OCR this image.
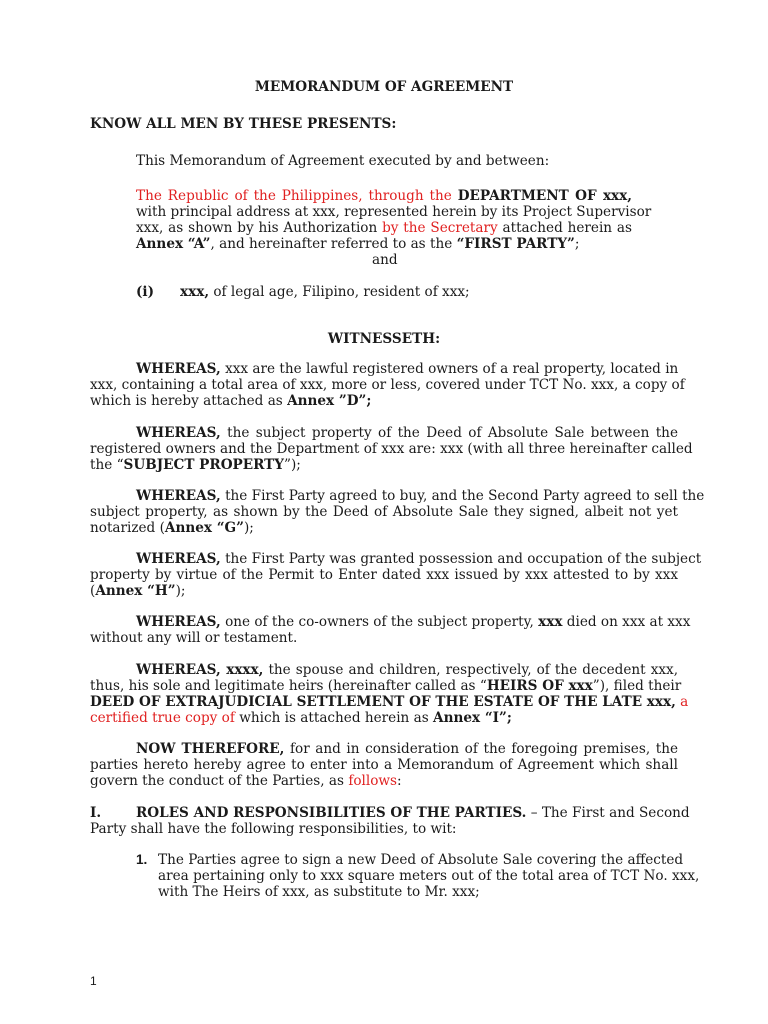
MEMORANDUM OF AGREEMENT
KNOW ALL MEN BY THESE PRESENTS:
This Memorandum of Agreement executed by and between:
The Republic of the Philippines, through the DEPARTMENT OF xxx,
with principal address at xxx, represented herein by its Project Supervisor
xxx, as shown by his Authorization by the Secretary attached herein as
Annex “A”, and hereinafter referred to as the “FIRST PARTY”;
and
(i) xxx, of legal age, Filipino, resident of xxx;
WITNESSETH:
WHEREAS, xxx are the lawful registered owners of a real property, located in
xxx, containing a total area of xxx, more or less, covered under TCT No. xxx, a copy of
which is hereby attached as Annex ”D”;
WHEREAS, the subject property of the Deed of Absolute Sale between the
registered owners and the Department of xxx are: xxx (with all three hereinafter called
the “SUBJECT PROPERTY”);
WHEREAS, the First Party agreed to buy, and the Second Party agreed to sell the
subject property, as shown by the Deed of Absolute Sale they signed, albeit not yet
notarized (Annex “G”);
WHEREAS, the First Party was granted possession and occupation of the subject
property by virtue of the Permit to Enter dated xxx issued by xxx attested to by xxx
(Annex “H”);
WHEREAS, one of the co-owners of the subject property, xxx died on xxx at xxx
without any will or testament.
WHEREAS, xxxx, the spouse and children, respectively, of the decedent xxx,
thus, his sole and legitimate heirs (hereinafter called as “HEIRS OF xxx”), filed their
DEED OF EXTRAJUDICIAL SETTLEMENT OF THE ESTATE OF THE LATE xxx, a
certified true copy of which is attached herein as Annex “I”;
NOW THEREFORE, for and in consideration of the foregoing premises, the
parties hereto hereby agree to enter into a Memorandum of Agreement which shall
govern the conduct of the Parties, as follows:
I.	ROLES AND RESPONSIBILITIES OF THE PARTIES. – The First and Second
Party shall have the following responsibilities, to wit:
1. The Parties agree to sign a new Deed of Absolute Sale covering the affected
area pertaining only to xxx square meters out of the total area of TCT No. xxx,
with The Heirs of xxx, as substitute to Mr. xxx;
1
